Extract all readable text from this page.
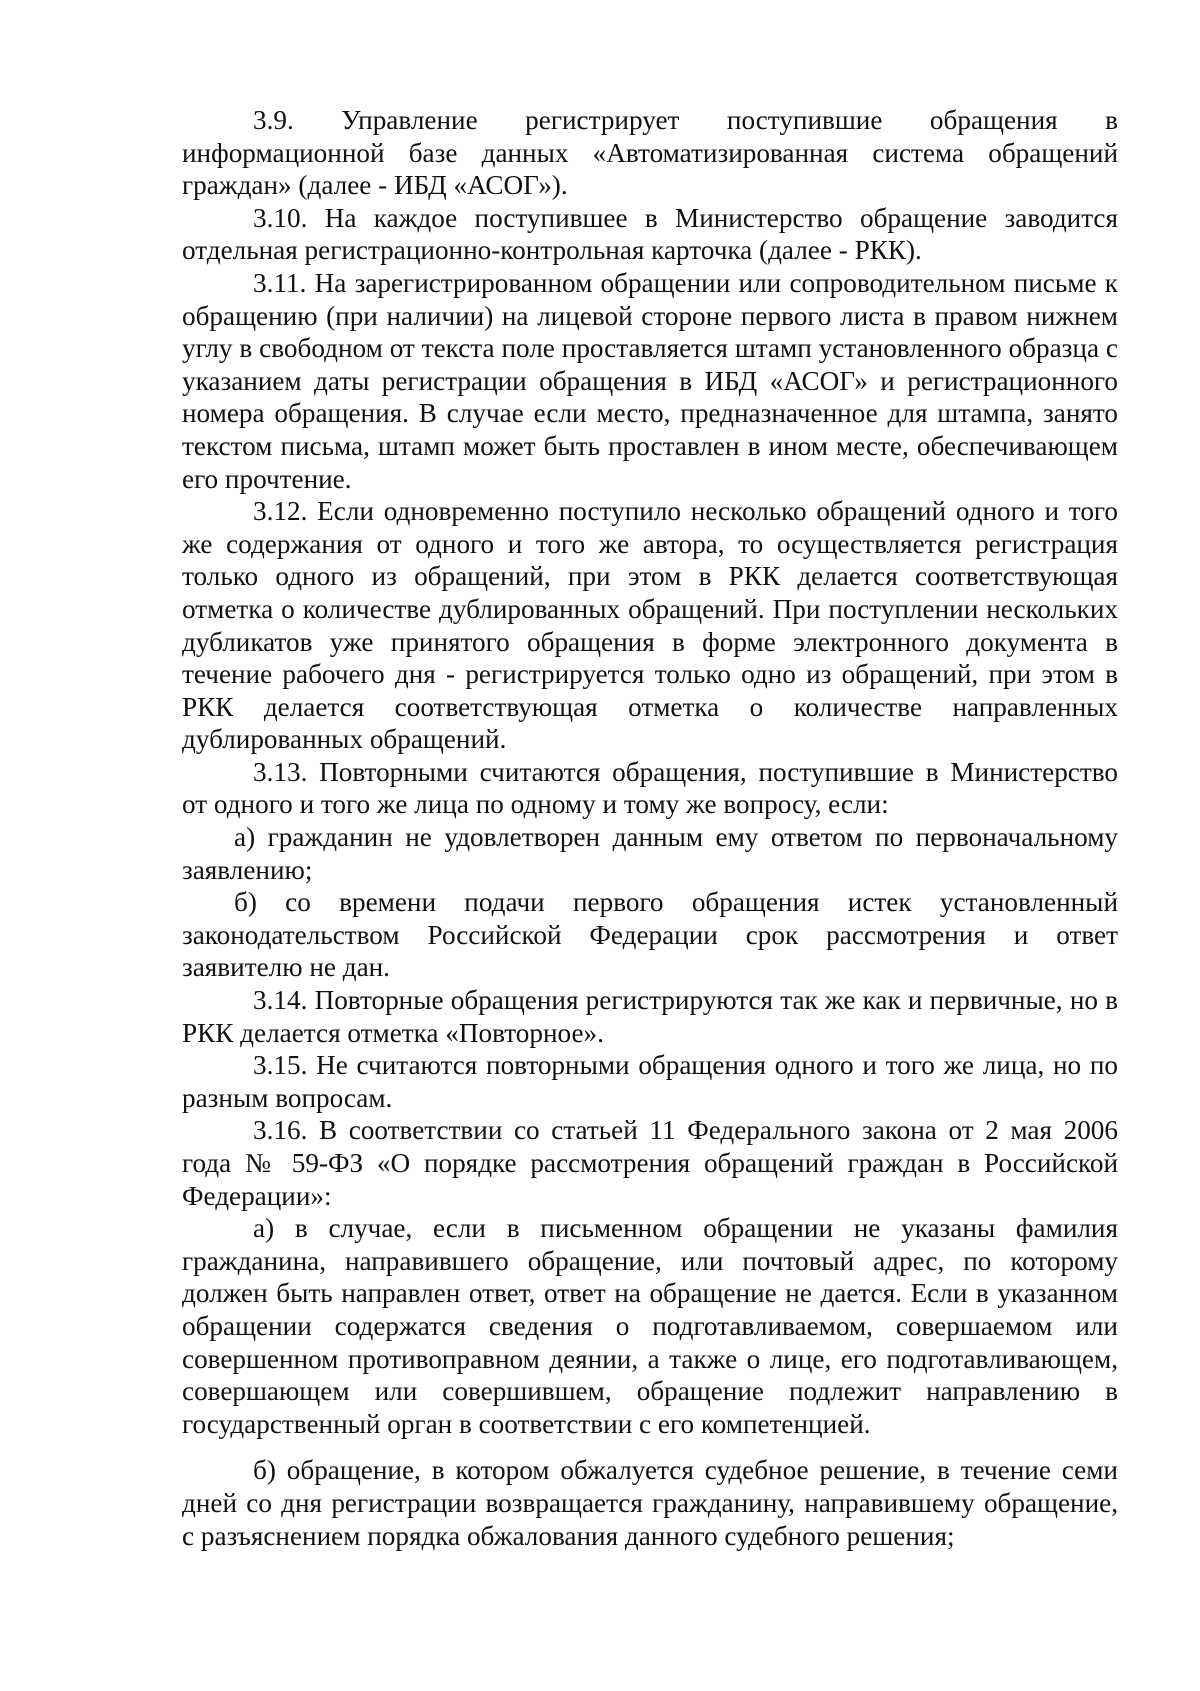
3.9. Управление регистрирует поступившие обращения в информационной базе данных «Автоматизированная система обращений граждан» (далее - ИБД «АСОГ»).

3.10. На каждое поступившее в Министерство обращение заводится отдельная регистрационно-контрольная карточка (далее - РКК).

3.11. На зарегистрированном обращении или сопроводительном письме к обращению (при наличии) на лицевой стороне первого листа в правом нижнем углу в свободном от текста поле проставляется штамп установленного образца с указанием даты регистрации обращения в ИБД «АСОГ» и регистрационного номера обращения. В случае если место, предназначенное для штампа, занято текстом письма, штамп может быть проставлен в ином месте, обеспечивающем его прочтение.

3.12. Если одновременно поступило несколько обращений одного и того же содержания от одного и того же автора, то осуществляется регистрация только одного из обращений, при этом в РКК делается соответствующая отметка о количестве дублированных обращений. При поступлении нескольких дубликатов уже принятого обращения в форме электронного документа в течение рабочего дня - регистрируется только одно из обращений, при этом в РКК делается соответствующая отметка о количестве направленных дублированных обращений.

3.13. Повторными считаются обращения, поступившие в Министерство от одного и того же лица по одному и тому же вопросу, если:

а) гражданин не удовлетворен данным ему ответом по первоначальному заявлению;

б) со времени подачи первого обращения истек установленный законодательством Российской Федерации срок рассмотрения и ответ заявителю не дан.

3.14. Повторные обращения регистрируются так же как и первичные, но в РКК делается отметка «Повторное».

3.15. Не считаются повторными обращения одного и того же лица, но по разным вопросам.

3.16. В соответствии со статьей 11 Федерального закона от 2 мая 2006 года № 59-ФЗ «О порядке рассмотрения обращений граждан в Российской Федерации»:

а) в случае, если в письменном обращении не указаны фамилия гражданина, направившего обращение, или почтовый адрес, по которому должен быть направлен ответ, ответ на обращение не дается. Если в указанном обращении содержатся сведения о подготавливаемом, совершаемом или совершенном противоправном деянии, а также о лице, его подготавливающем, совершающем или совершившем, обращение подлежит направлению в государственный орган в соответствии с его компетенцией.

б) обращение, в котором обжалуется судебное решение, в течение семи дней со дня регистрации возвращается гражданину, направившему обращение, с разъяснением порядка обжалования данного судебного решения;
